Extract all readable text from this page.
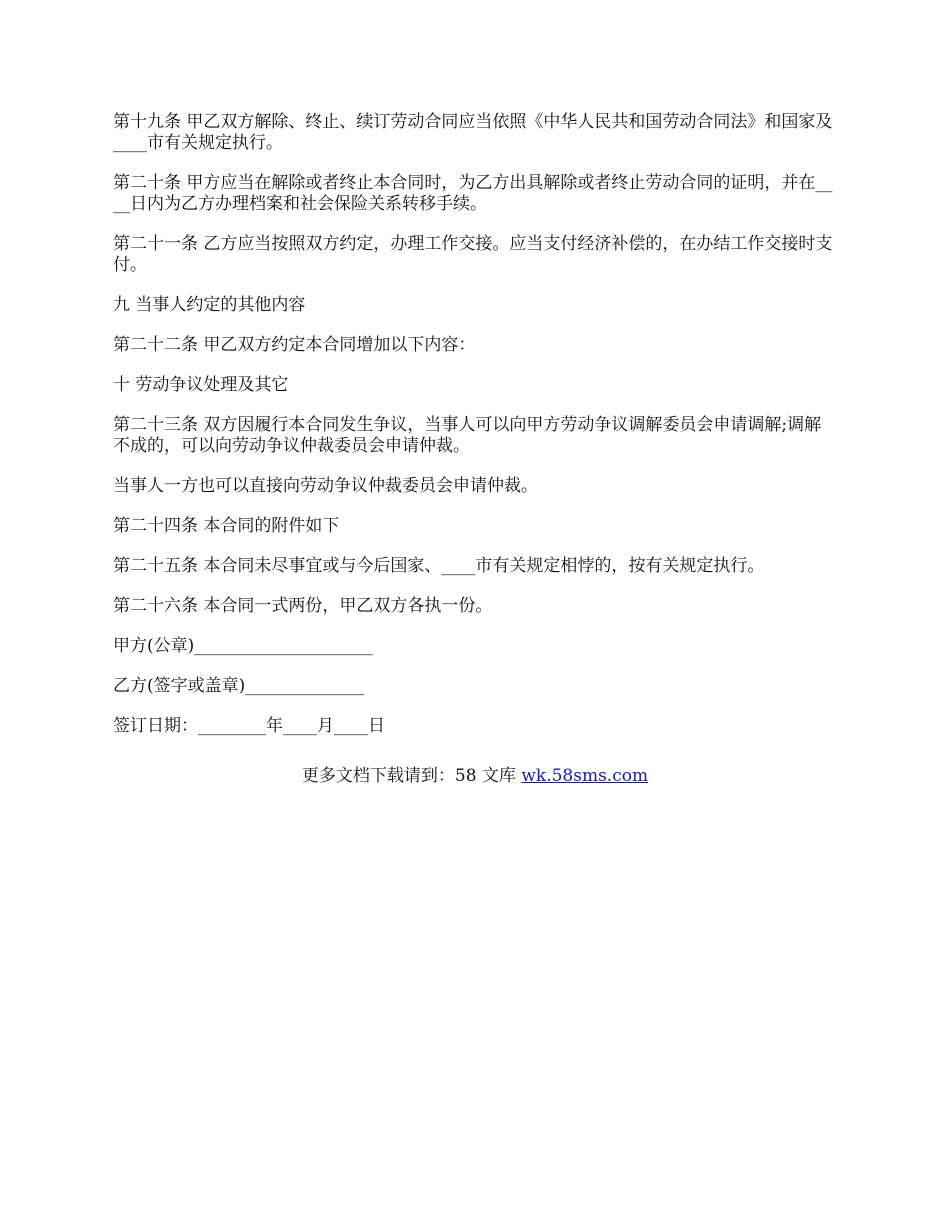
第十九条 甲乙双方解除、终止、续订劳动合同应当依照《中华人民共和国劳动合同法》和国家及____市有关规定执行。

第二十条 甲方应当在解除或者终止本合同时，为乙方出具解除或者终止劳动合同的证明，并在____日内为乙方办理档案和社会保险关系转移手续。

第二十一条 乙方应当按照双方约定，办理工作交接。应当支付经济补偿的，在办结工作交接时支付。

九 当事人约定的其他内容

第二十二条 甲乙双方约定本合同增加以下内容：

十 劳动争议处理及其它

第二十三条 双方因履行本合同发生争议，当事人可以向甲方劳动争议调解委员会申请调解;调解不成的，可以向劳动争议仲裁委员会申请仲裁。

当事人一方也可以直接向劳动争议仲裁委员会申请仲裁。

第二十四条 本合同的附件如下

第二十五条 本合同未尽事宜或与今后国家、____市有关规定相悖的，按有关规定执行。

第二十六条 本合同一式两份，甲乙双方各执一份。

甲方(公章)_____________________

乙方(签字或盖章)______________

签订日期：________年____月____日

更多文档下载请到：58 文库 wk.58sms.com
